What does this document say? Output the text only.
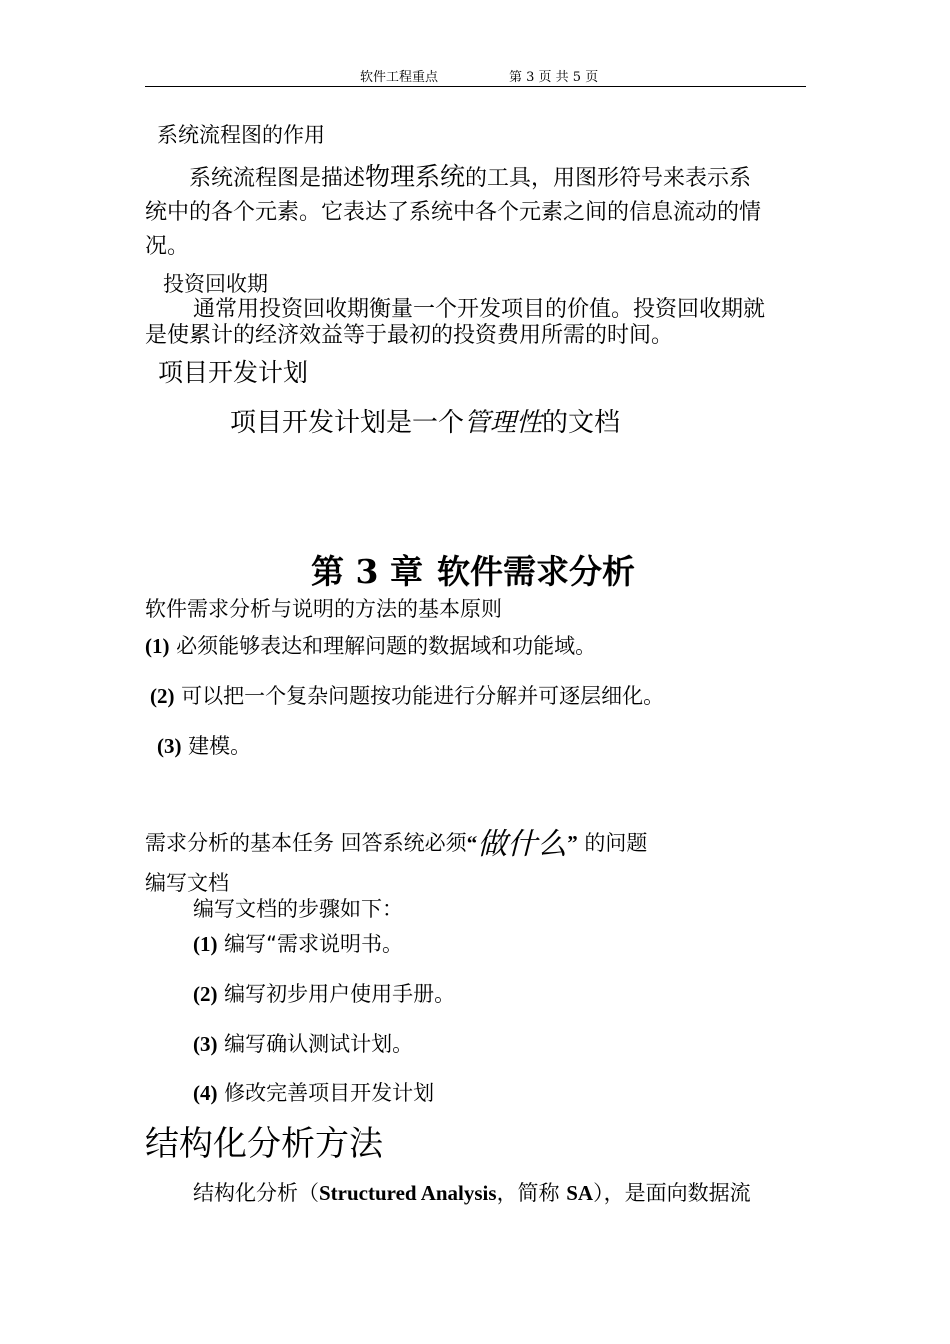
软件工程重点	第 3 页 共 5 页
系统流程图的作用
系统流程图是描述物理系统的工具，用图形符号来表示系
统中的各个元素。它表达了系统中各个元素之间的信息流动的情
况。
投资回收期
通常用投资回收期衡量一个开发项目的价值。投资回收期就
是使累计的经济效益等于最初的投资费用所需的时间。
项目开发计划
项目开发计划是一个管理性的文档
第 3 章 软件需求分析
软件需求分析与说明的方法的基本原则
(1) 必须能够表达和理解问题的数据域和功能域。
(2) 可以把一个复杂问题按功能进行分解并可逐层细化。
(3) 建模。
需求分析的基本任务 回答系统必须“做什么” 的问题
编写文档
编写文档的步骤如下：
(1) 编写“需求说明书。
(2) 编写初步用户使用手册。
(3) 编写确认测试计划。
(4) 修改完善项目开发计划
结构化分析方法
结构化分析（Structured Analysis，简称 SA），是面向数据流
